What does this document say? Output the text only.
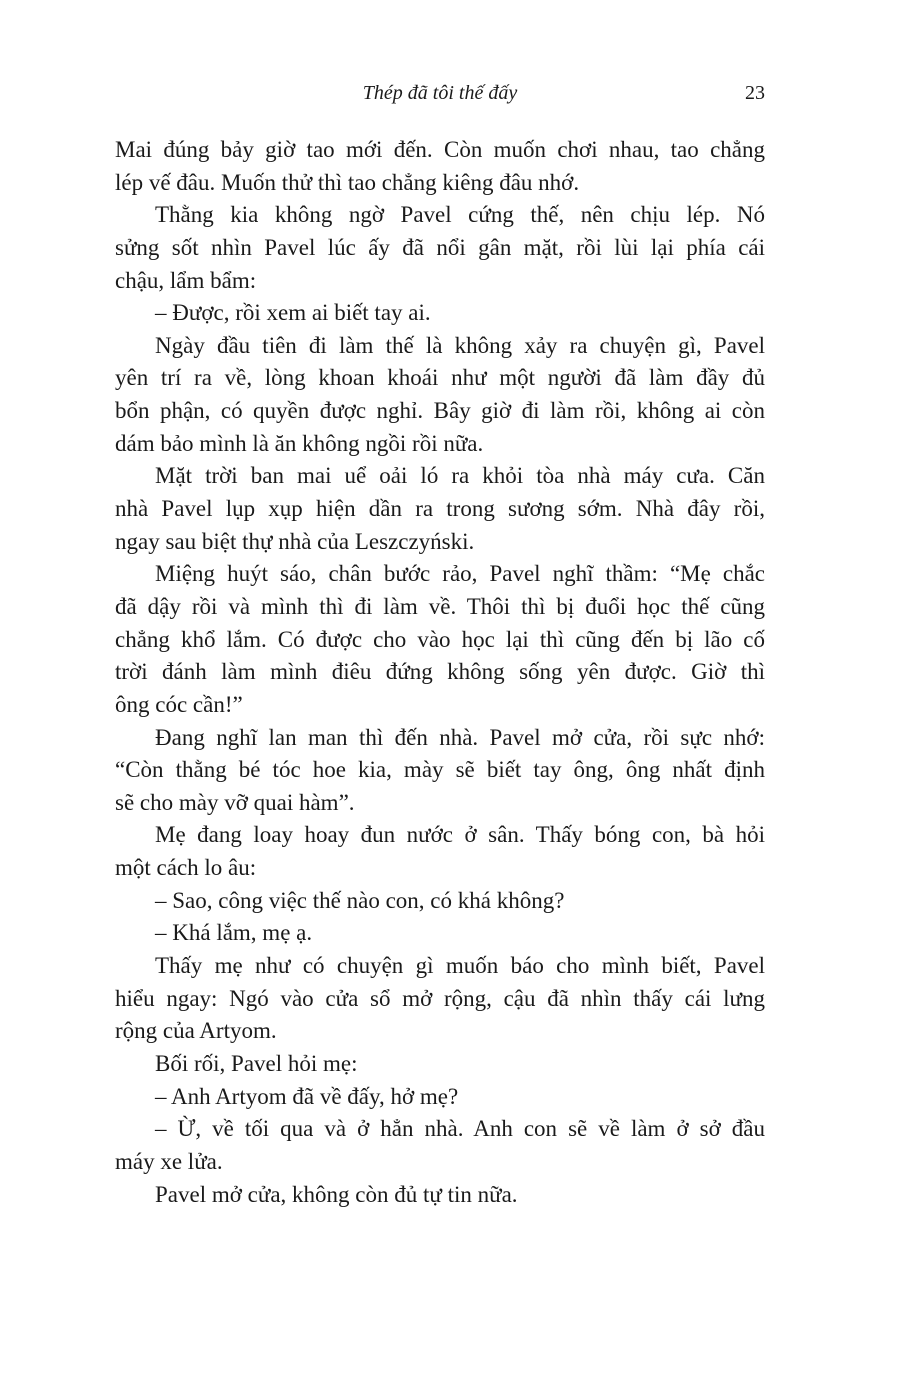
Thép đã tôi thế đấy	23
Mai đúng bảy giờ tao mới đến. Còn muốn chơi nhau, tao chẳng
lép vế đâu. Muốn thử thì tao chẳng kiêng đâu nhớ.
Thằng kia không ngờ Pavel cứng thế, nên chịu lép. Nó
sửng sốt nhìn Pavel lúc ấy đã nổi gân mặt, rồi lùi lại phía cái
chậu, lẩm bẩm:
– Được, rồi xem ai biết tay ai.
Ngày đầu tiên đi làm thế là không xảy ra chuyện gì, Pavel
yên trí ra về, lòng khoan khoái như một người đã làm đầy đủ
bổn phận, có quyền được nghỉ. Bây giờ đi làm rồi, không ai còn
dám bảo mình là ăn không ngồi rồi nữa.
Mặt trời ban mai uể oải ló ra khỏi tòa nhà máy cưa. Căn
nhà Pavel lụp xụp hiện dần ra trong sương sớm. Nhà đây rồi,
ngay sau biệt thự nhà của Leszczyński.
Miệng huýt sáo, chân bước rảo, Pavel nghĩ thầm: “Mẹ chắc
đã dậy rồi và mình thì đi làm về. Thôi thì bị đuổi học thế cũng
chẳng khổ lắm. Có được cho vào học lại thì cũng đến bị lão cố
trời đánh làm mình điêu đứng không sống yên được. Giờ thì
ông cóc cần!”
Đang nghĩ lan man thì đến nhà. Pavel mở cửa, rồi sực nhớ:
“Còn thằng bé tóc hoe kia, mày sẽ biết tay ông, ông nhất định
sẽ cho mày vỡ quai hàm”.
Mẹ đang loay hoay đun nước ở sân. Thấy bóng con, bà hỏi
một cách lo âu:
– Sao, công việc thế nào con, có khá không?
– Khá lắm, mẹ ạ.
Thấy mẹ như có chuyện gì muốn báo cho mình biết, Pavel
hiểu ngay: Ngó vào cửa sổ mở rộng, cậu đã nhìn thấy cái lưng
rộng của Artyom.
Bối rối, Pavel hỏi mẹ:
– Anh Artyom đã về đấy, hở mẹ?
– Ừ, về tối qua và ở hẳn nhà. Anh con sẽ về làm ở sở đầu
máy xe lửa.
Pavel mở cửa, không còn đủ tự tin nữa.
